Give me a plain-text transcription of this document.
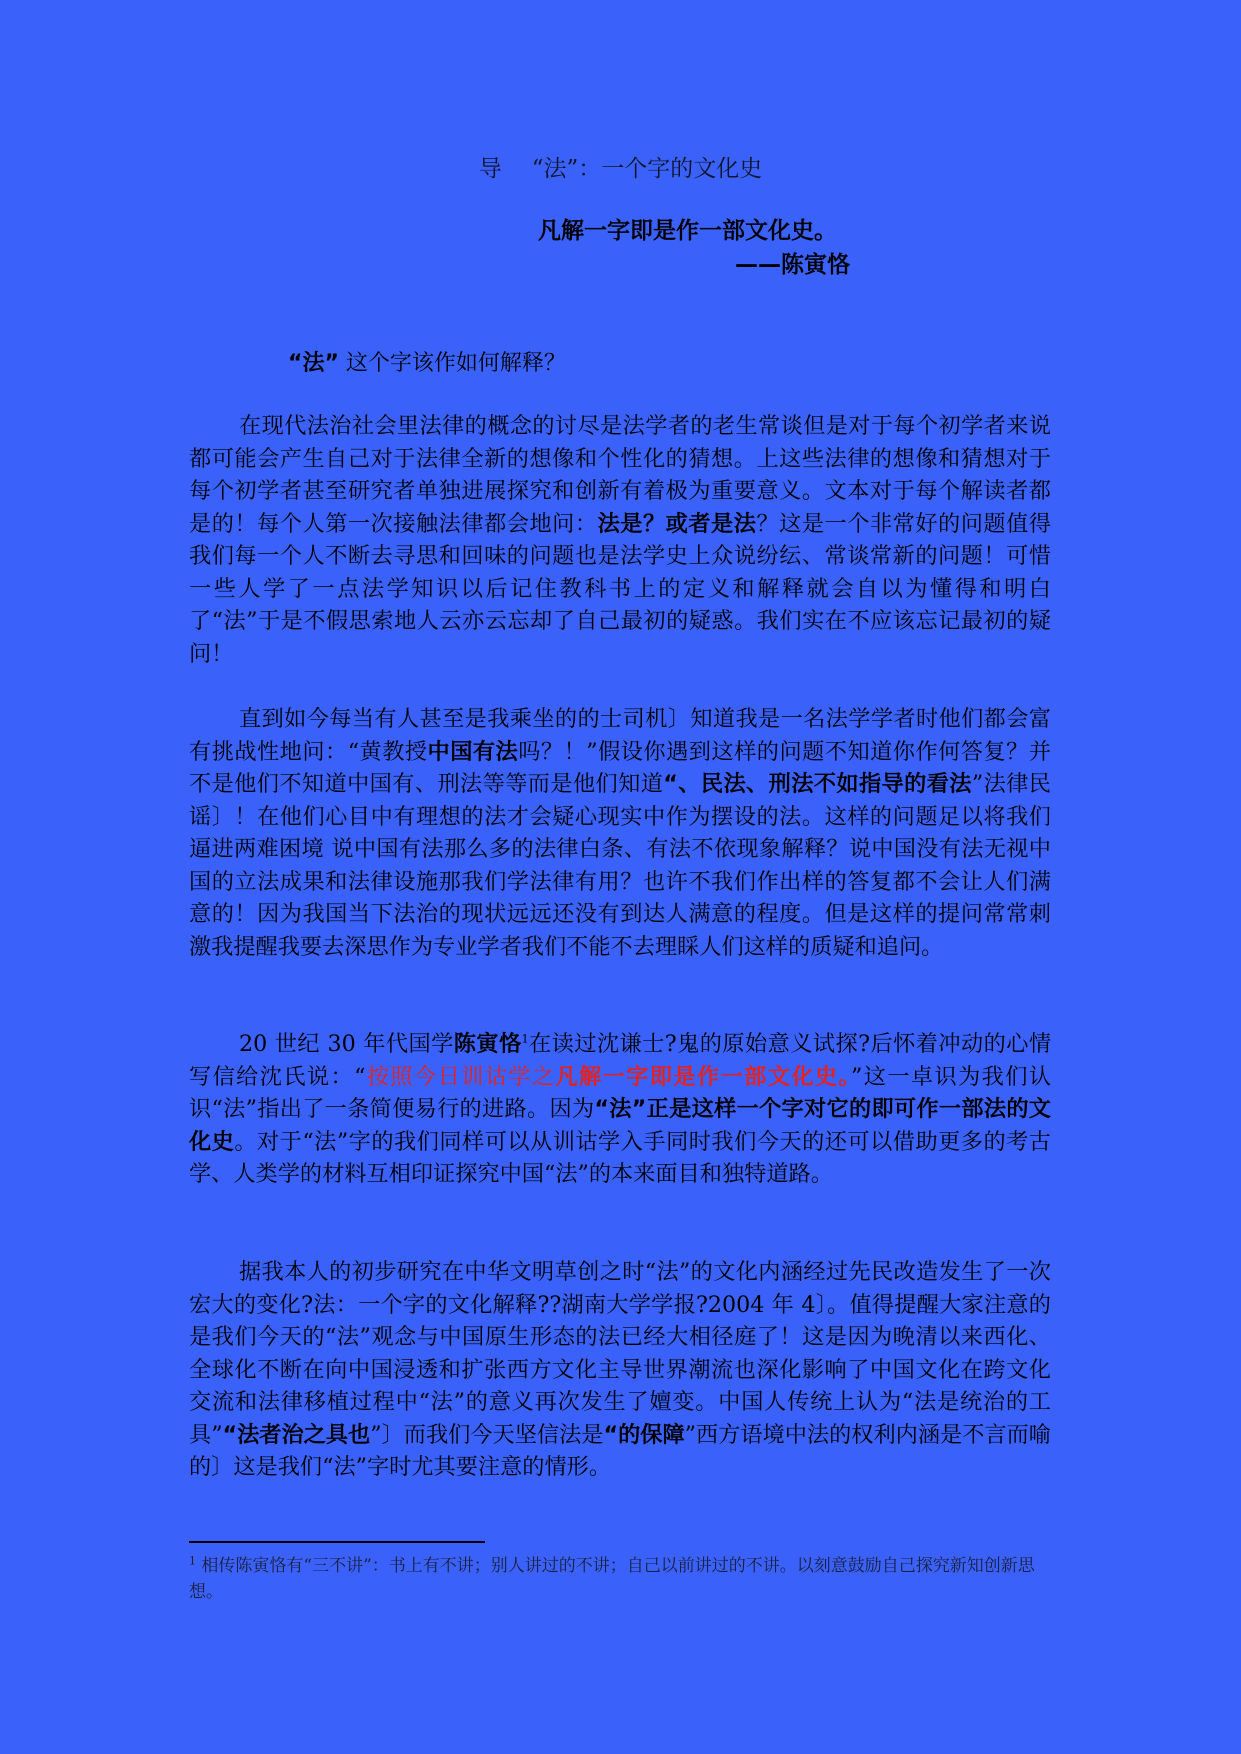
导 “法”：一个字的文化史
凡解一字即是作一部文化史。
——陈寅恪
“法” 这个字该作如何解释？

在现代法治社会里法律的概念的讨尽是法学者的老生常谈但是对于每个初学者来说都可能会产生自己对于法律全新的想像和个性化的猜想。上这些法律的想像和猜想对于每个初学者甚至研究者单独进展探究和创新有着极为重要意义。文本对于每个解读者都是的！每个人第一次接触法律都会地问：法是？或者是法？这是一个非常好的问题值得我们每一个人不断去寻思和回味的问题也是法学史上众说纷纭、常谈常新的问题！可惜一些人学了一点法学知识以后记住教科书上的定义和解释就会自以为懂得和明白了“法”于是不假思索地人云亦云忘却了自己最初的疑惑。我们实在不应该忘记最初的疑问！

直到如今每当有人甚至是我乘坐的的士司机〕知道我是一名法学学者时他们都会富有挑战性地问：“黄教授中国有法吗？！”假设你遇到这样的问题不知道你作何答复？并不是他们不知道中国有、刑法等等而是他们知道“、民法、刑法不如指导的看法”法律民谣〕！在他们心目中有理想的法才会疑心现实中作为摆设的法。这样的问题足以将我们逼进两难困境 说中国有法那么多的法律白条、有法不依现象解释？说中国没有法无视中国的立法成果和法律设施那我们学法律有用？也许不我们作出样的答复都不会让人们满意的！因为我国当下法治的现状远远还没有到达人满意的程度。但是这样的提问常常刺激我提醒我要去深思作为专业学者我们不能不去理睬人们这样的质疑和追问。

20 世纪 30 年代国学陈寅恪$^1$在读过沈谦士?鬼的原始意义试探?后怀着冲动的心情写信给沈氏说：“按照今日训诂学之凡解一字即是作一部文化史。”这一卓识为我们认识“法”指出了一条简便易行的进路。因为“法”正是这样一个字对它的即可作一部法的文化史。对于“法”字的我们同样可以从训诂学入手同时我们今天的还可以借助更多的考古学、人类学的材料互相印证探究中国“法”的本来面目和独特道路。

据我本人的初步研究在中华文明草创之时“法”的文化内涵经过先民改造发生了一次宏大的变化?法：一个字的文化解释??湖南大学学报?2004 年 4〕。值得提醒大家注意的是我们今天的“法”观念与中国原生形态的法已经大相径庭了！这是因为晚清以来西化、全球化不断在向中国浸透和扩张西方文化主导世界潮流也深化影响了中国文化在跨文化交流和法律移植过程中“法”的意义再次发生了嬗变。中国人传统上认为“法是统治的工具”“法者治之具也”〕而我们今天坚信法是“的保障”西方语境中法的权利内涵是不言而喻的〕这是我们“法”字时尤其要注意的情形。

$^1$ 相传陈寅恪有“三不讲”：书上有不讲；别人讲过的不讲；自己以前讲过的不讲。以刻意鼓励自己探究新知创新思想。
